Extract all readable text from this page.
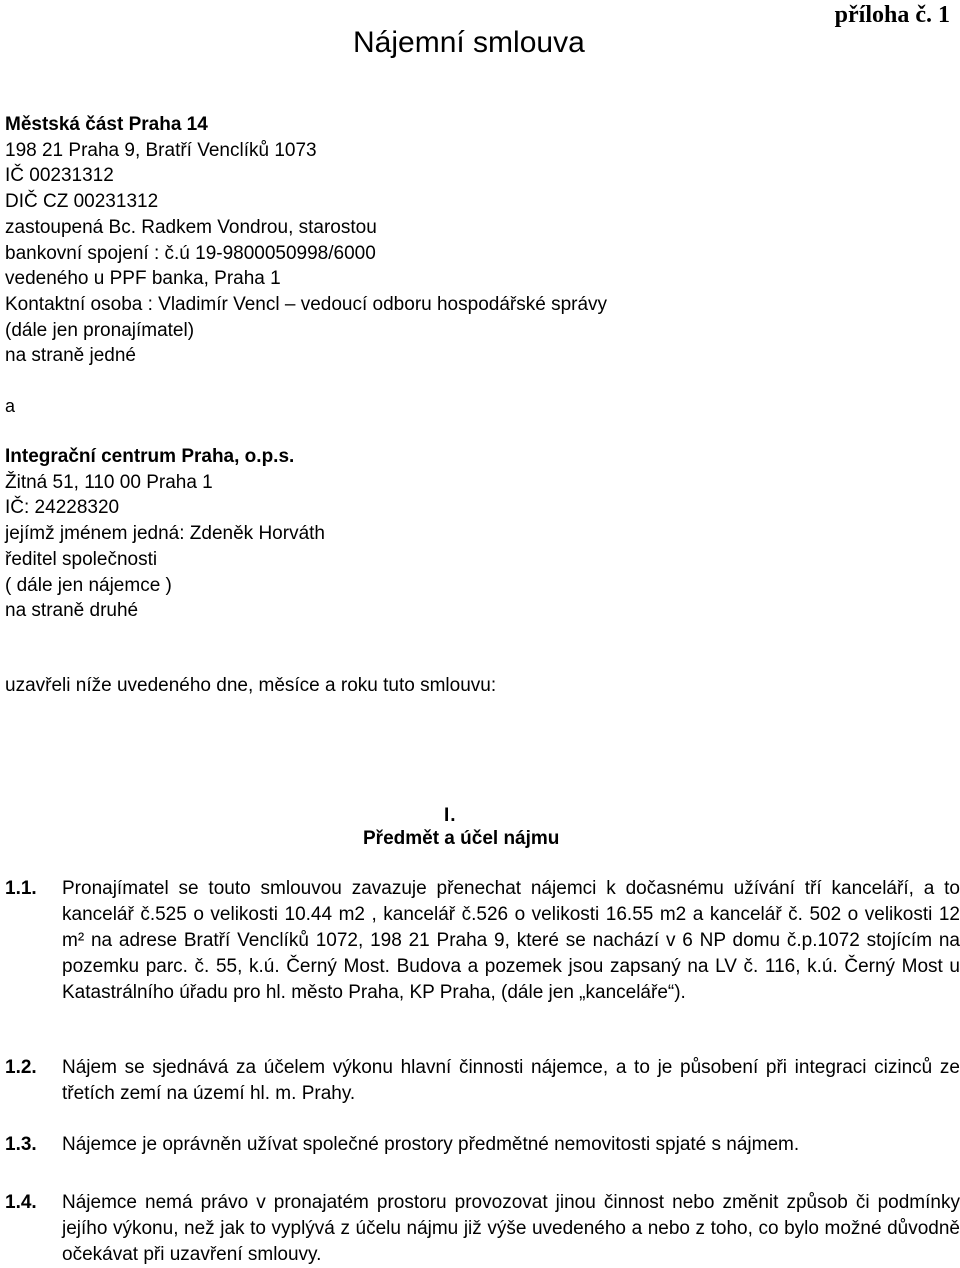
příloha č. 1
Nájemní smlouva
Městská část Praha 14
198 21 Praha 9, Bratří Venclíků 1073
IČ 00231312
DIČ CZ 00231312
zastoupená Bc. Radkem Vondrou, starostou
bankovní spojení : č.ú 19-9800050998/6000
vedeného u PPF banka, Praha 1
Kontaktní osoba : Vladimír Vencl – vedoucí odboru hospodářské správy
(dále jen pronajímatel)
na straně jedné
a
Integrační centrum Praha, o.p.s.
Žitná 51, 110 00 Praha 1
IČ: 24228320
jejímž jménem jedná: Zdeněk Horváth
ředitel společnosti
( dále jen nájemce )
na straně druhé
uzavřeli níže uvedeného dne, měsíce a roku tuto smlouvu:
I.
Předmět a účel nájmu
1.1. Pronajímatel se touto smlouvou zavazuje přenechat nájemci k dočasnému užívání tří kanceláří, a to kancelář č.525 o velikosti 10.44 m2 , kancelář č.526 o velikosti 16.55 m2 a kancelář č. 502 o velikosti 12 m² na adrese Bratří Venclíků 1072, 198 21 Praha 9, které se nachází v 6 NP domu č.p.1072 stojícím na pozemku parc. č. 55, k.ú. Černý Most. Budova a pozemek jsou zapsaný na LV č. 116, k.ú. Černý Most u Katastrálního úřadu pro hl. město Praha, KP Praha, (dále jen „kanceláře“).
1.2. Nájem se sjednává za účelem výkonu hlavní činnosti nájemce, a to je působení při integraci cizinců ze třetích zemí na území hl. m. Prahy.
1.3. Nájemce je oprávněn užívat společné prostory předmětné nemovitosti spjaté s nájmem.
1.4. Nájemce nemá právo v pronajatém prostoru provozovat jinou činnost nebo změnit způsob či podmínky jejího výkonu, než jak to vyplývá z účelu nájmu již výše uvedeného a nebo z toho, co bylo možné důvodně očekávat při uzavření smlouvy.
